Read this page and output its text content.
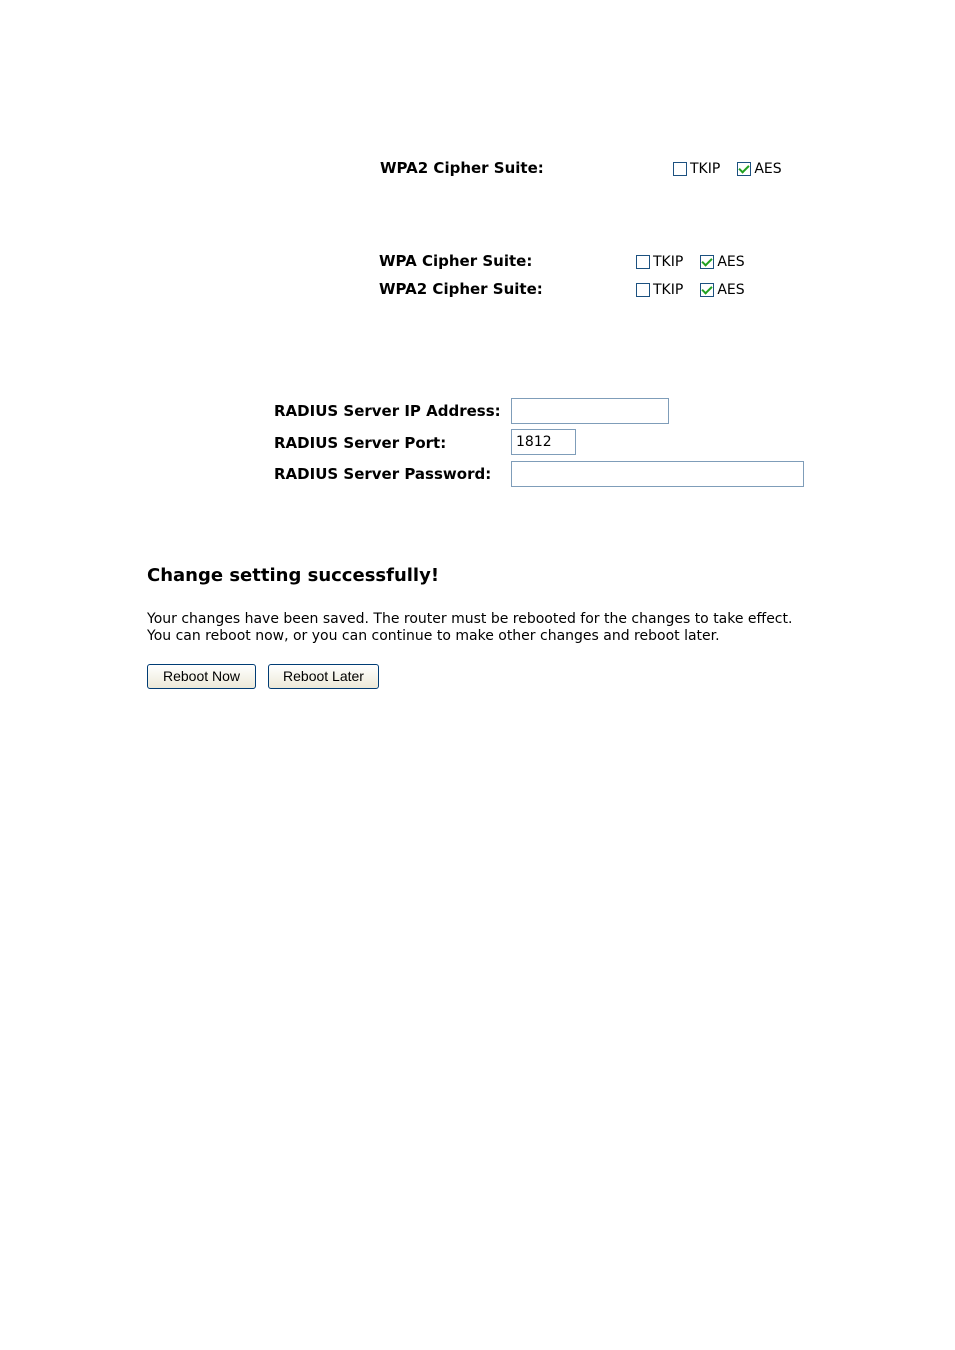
WPA2 Cipher Suite:	TKIP AES
WPA Cipher Suite:	TKIP AES
WPA2 Cipher Suite:	TKIP AES
RADIUS Server IP Address:
RADIUS Server Port:	1812
RADIUS Server Password:
Change setting successfully!
Your changes have been saved. The router must be rebooted for the changes to take effect.
You can reboot now, or you can continue to make other changes and reboot later.
Reboot Now	Reboot Later
